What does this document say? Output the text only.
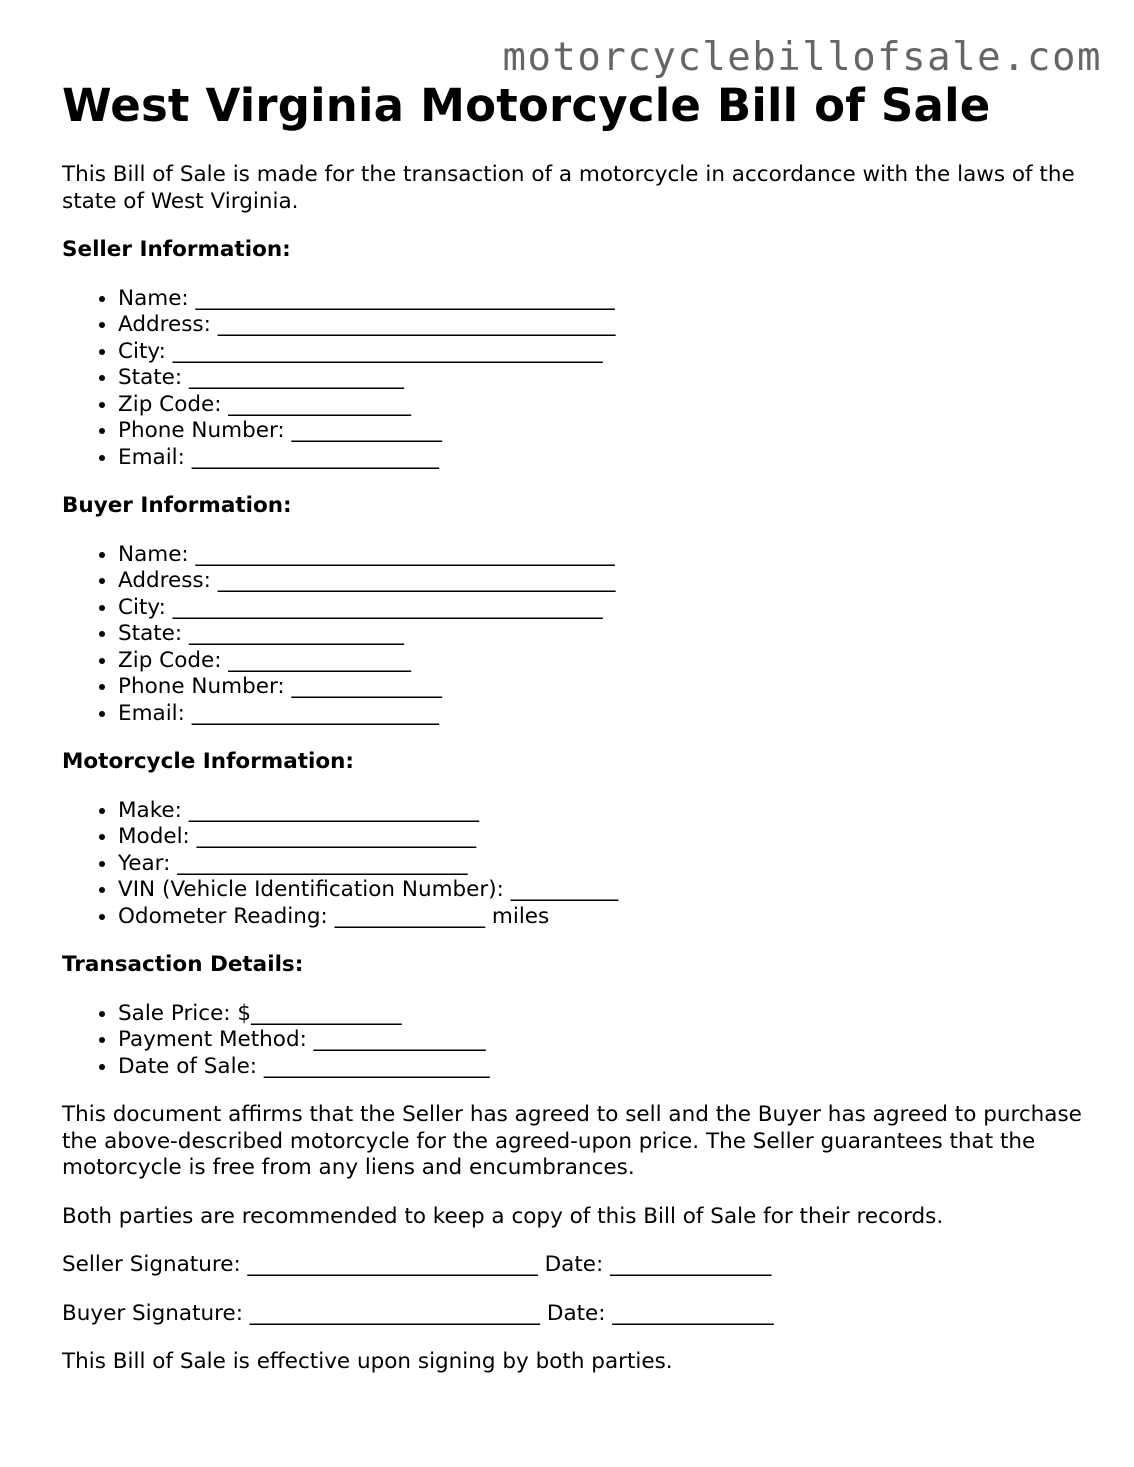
motorcyclebillofsale.com
West Virginia Motorcycle Bill of Sale

This Bill of Sale is made for the transaction of a motorcycle in accordance with the laws of the state of West Virginia.

Seller Information:
• Name: _______________________________________
• Address: _____________________________________
• City: ________________________________________
• State: ____________________
• Zip Code: _________________
• Phone Number: ______________
• Email: _______________________
Buyer Information:
• Name: _______________________________________
• Address: _____________________________________
• City: ________________________________________
• State: ____________________
• Zip Code: _________________
• Phone Number: ______________
• Email: _______________________
Motorcycle Information:
• Make: ___________________________
• Model: __________________________
• Year: ___________________________
• VIN (Vehicle Identification Number): __________
• Odometer Reading: ______________ miles
Transaction Details:
• Sale Price: $______________
• Payment Method: ________________
• Date of Sale: _____________________

This document affirms that the Seller has agreed to sell and the Buyer has agreed to purchase the above-described motorcycle for the agreed-upon price. The Seller guarantees that the motorcycle is free from any liens and encumbrances.

Both parties are recommended to keep a copy of this Bill of Sale for their records.

Seller Signature: ___________________________ Date: _______________

Buyer Signature: ___________________________ Date: _______________

This Bill of Sale is effective upon signing by both parties.
